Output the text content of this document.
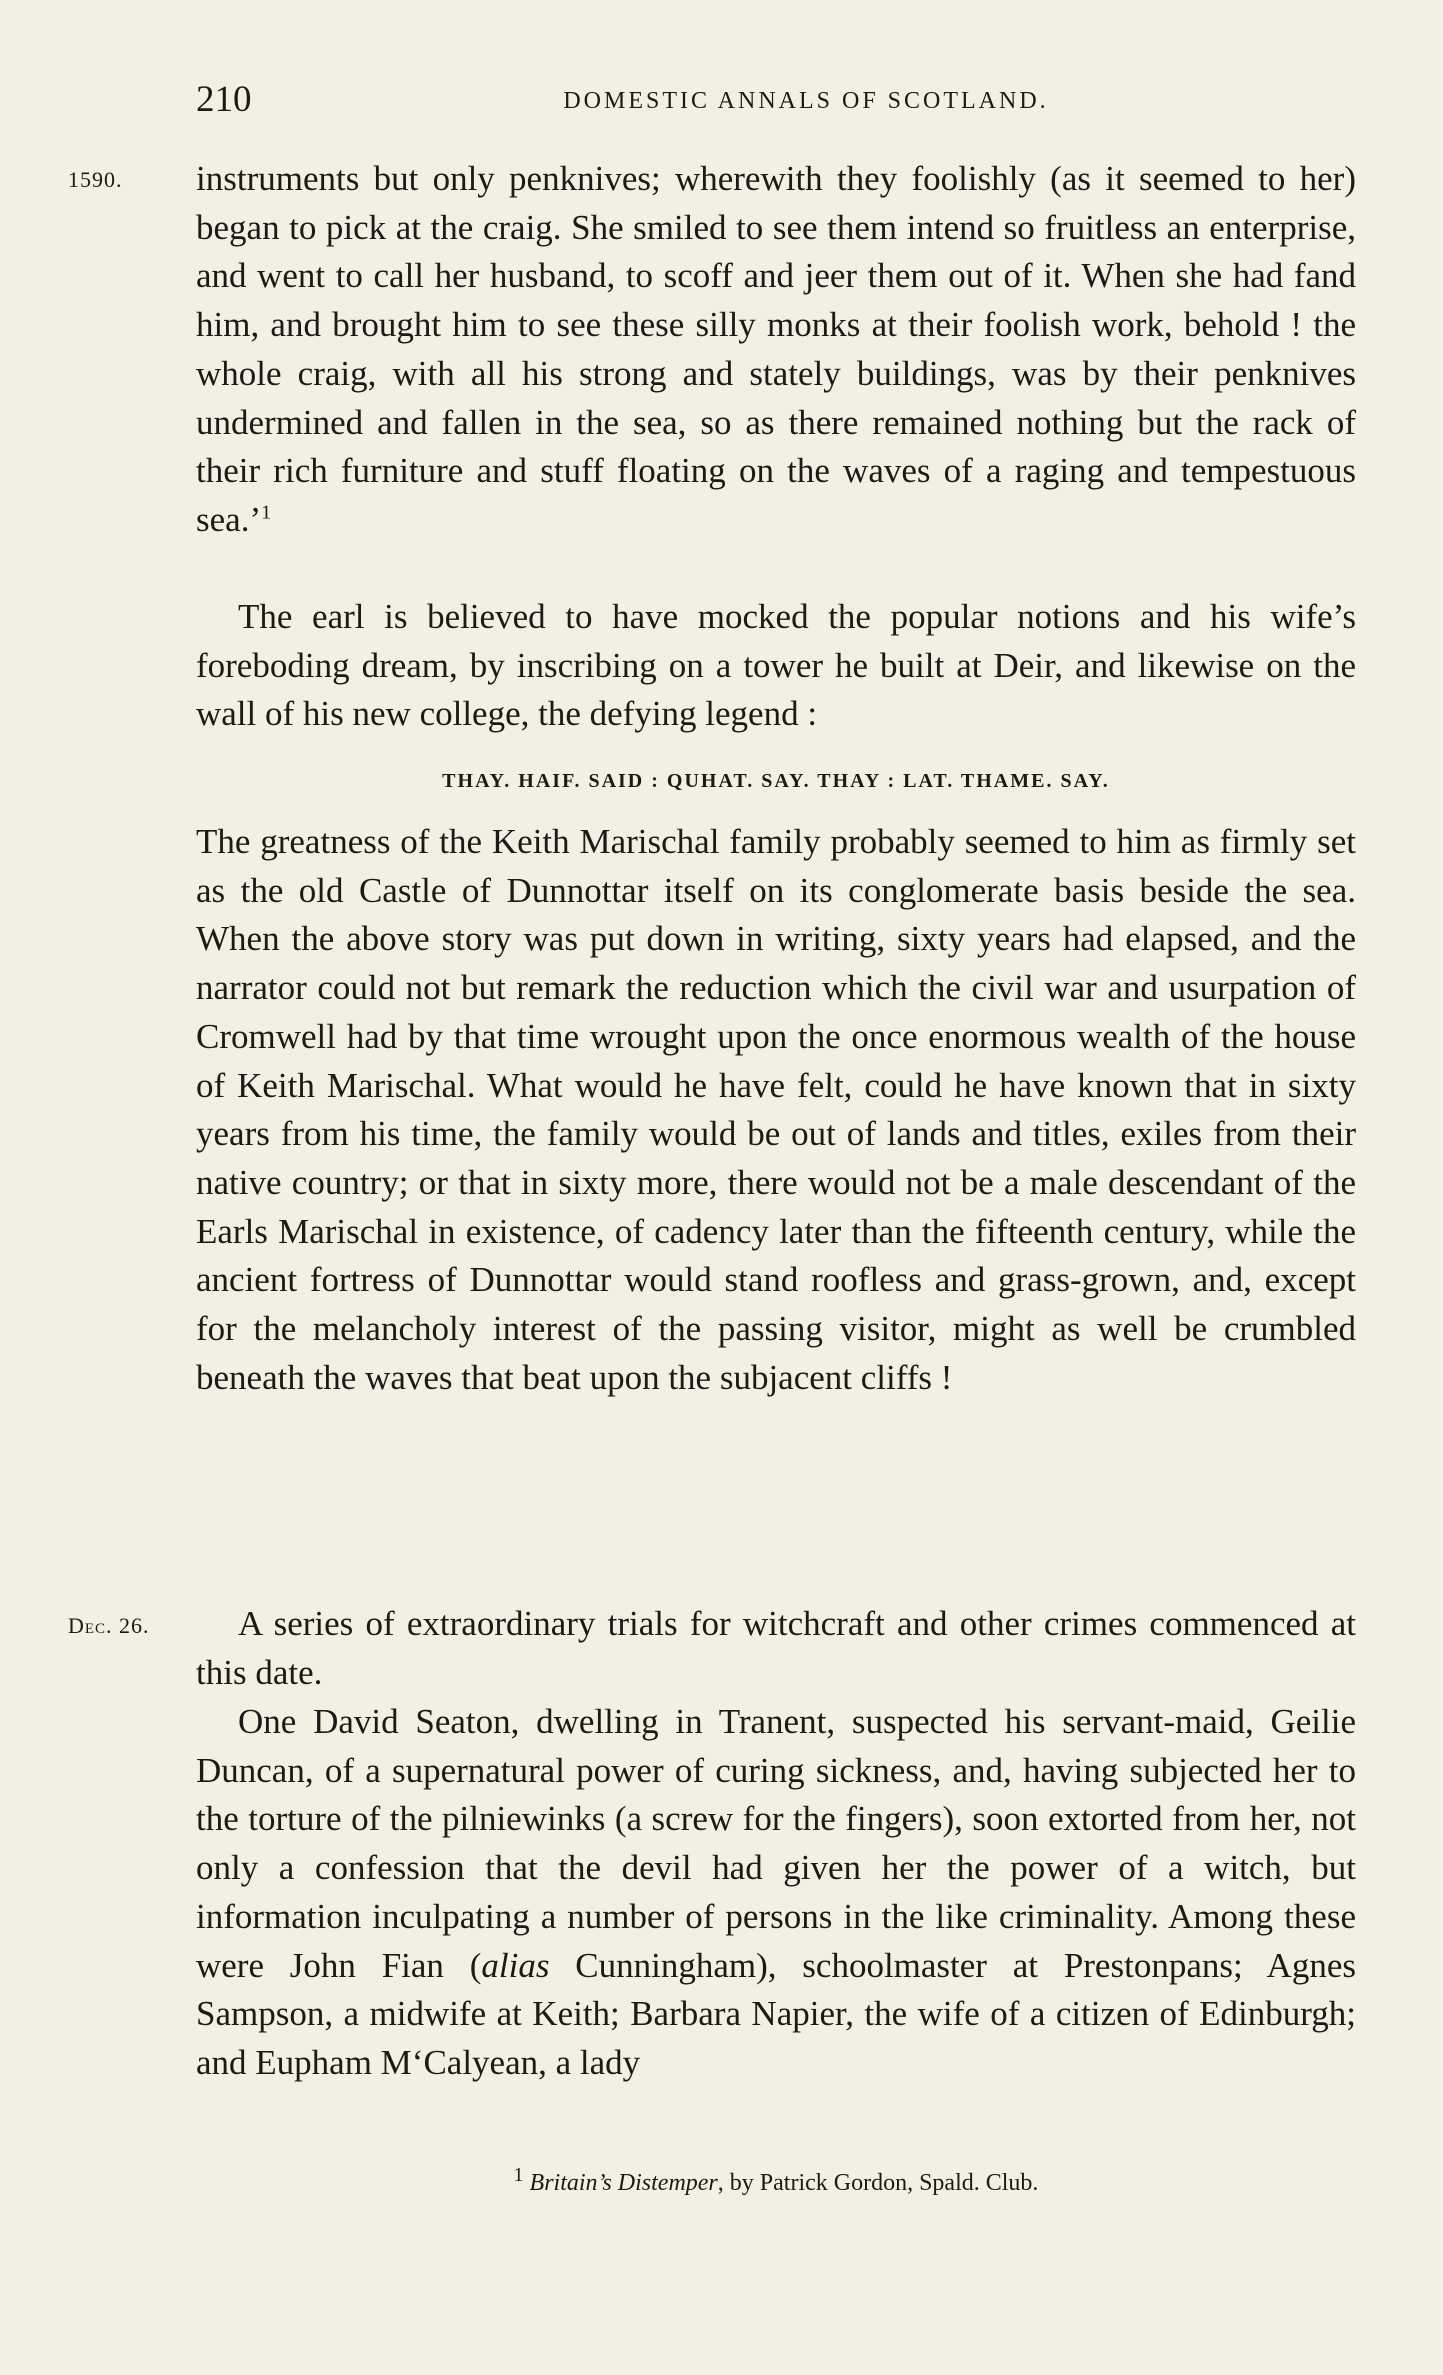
210	DOMESTIC ANNALS OF SCOTLAND.
1590.
Dec. 26.

instruments but only penknives; wherewith they foolishly (as it seemed to her) began to pick at the craig. She smiled to see them intend so fruitless an enterprise, and went to call her husband, to scoff and jeer them out of it. When she had fand him, and brought him to see these silly monks at their foolish work, behold ! the whole craig, with all his strong and stately buildings, was by their penknives undermined and fallen in the sea, so as there remained nothing but the rack of their rich furniture and stuff floating on the waves of a raging and tempestuous sea.’$^1$

The earl is believed to have mocked the popular notions and his wife’s foreboding dream, by inscribing on a tower he built at Deir, and likewise on the wall of his new college, the defying legend :

THAY. HAIF. SAID : QUHAT. SAY. THAY : LAT. THAME. SAY.

The greatness of the Keith Marischal family probably seemed to him as firmly set as the old Castle of Dunnottar itself on its conglomerate basis beside the sea. When the above story was put down in writing, sixty years had elapsed, and the narrator could not but remark the reduction which the civil war and usurpation of Cromwell had by that time wrought upon the once enormous wealth of the house of Keith Marischal. What would he have felt, could he have known that in sixty years from his time, the family would be out of lands and titles, exiles from their native country; or that in sixty more, there would not be a male descendant of the Earls Marischal in existence, of cadency later than the fifteenth century, while the ancient fortress of Dunnottar would stand roofless and grass-grown, and, except for the melancholy interest of the passing visitor, might as well be crumbled beneath the waves that beat upon the subjacent cliffs !

A series of extraordinary trials for witchcraft and other crimes commenced at this date.

One David Seaton, dwelling in Tranent, suspected his servant-maid, Geilie Duncan, of a supernatural power of curing sickness, and, having subjected her to the torture of the pilniewinks (a screw for the fingers), soon extorted from her, not only a confession that the devil had given her the power of a witch, but information inculpating a number of persons in the like criminality. Among these were John Fian (alias Cunningham), schoolmaster at Prestonpans; Agnes Sampson, a midwife at Keith; Barbara Napier, the wife of a citizen of Edinburgh; and Eupham M‘Calyean, a lady

$^1$ Britain’s Distemper, by Patrick Gordon, Spald. Club.
